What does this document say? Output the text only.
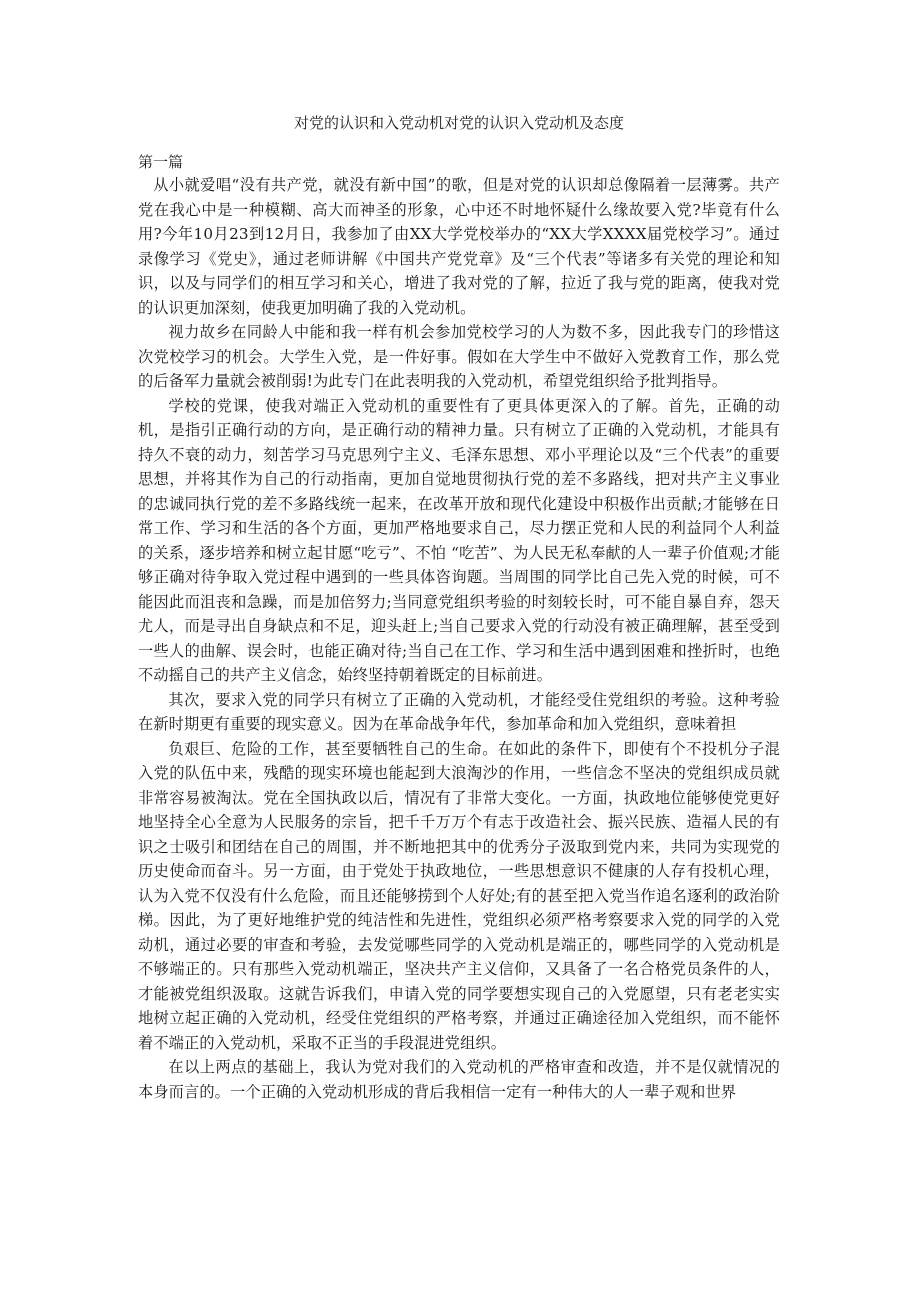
对党的认识和入党动机对党的认识入党动机及态度

第一篇

从小就爱唱“没有共产党，就没有新中国”的歌，但是对党的认识却总像隔着一层薄雾。共产党在我心中是一种模糊、高大而神圣的形象，心中还不时地怀疑什么缘故要入党?毕竟有什么用?今年10月23到12月日，我参加了由XX大学党校举办的“XX大学XXXX届党校学习”。通过录像学习《党史》，通过老师讲解《中国共产党党章》及“三个代表”等诸多有关党的理论和知识，以及与同学们的相互学习和关心，增进了我对党的了解，拉近了我与党的距离，使我对党的认识更加深刻，使我更加明确了我的入党动机。

视力故乡在同龄人中能和我一样有机会参加党校学习的人为数不多，因此我专门的珍惜这次党校学习的机会。大学生入党，是一件好事。假如在大学生中不做好入党教育工作，那么党的后备军力量就会被削弱!为此专门在此表明我的入党动机，希望党组织给予批判指导。

学校的党课，使我对端正入党动机的重要性有了更具体更深入的了解。首先，正确的动机，是指引正确行动的方向，是正确行动的精神力量。只有树立了正确的入党动机，才能具有持久不衰的动力，刻苦学习马克思列宁主义、毛泽东思想、邓小平理论以及“三个代表”的重要思想，并将其作为自己的行动指南，更加自觉地贯彻执行党的差不多路线，把对共产主义事业的忠诚同执行党的差不多路线统一起来，在改革开放和现代化建设中积极作出贡献;才能够在日常工作、学习和生活的各个方面，更加严格地要求自己，尽力摆正党和人民的利益同个人利益的关系，逐步培养和树立起甘愿“吃亏”、不怕 “吃苦”、为人民无私奉献的人一辈子价值观;才能够正确对待争取入党过程中遇到的一些具体咨询题。当周围的同学比自己先入党的时候，可不能因此而沮丧和急躁，而是加倍努力;当同意党组织考验的时刻较长时，可不能自暴自弃，怨天尤人，而是寻出自身缺点和不足，迎头赶上;当自己要求入党的行动没有被正确理解，甚至受到一些人的曲解、误会时，也能正确对待;当自己在工作、学习和生活中遇到困难和挫折时，也绝不动摇自己的共产主义信念，始终坚持朝着既定的目标前进。

其次，要求入党的同学只有树立了正确的入党动机，才能经受住党组织的考验。这种考验在新时期更有重要的现实意义。因为在革命战争年代，参加革命和加入党组织，意味着担

负艰巨、危险的工作，甚至要牺牲自己的生命。在如此的条件下，即使有个不投机分子混入党的队伍中来，残酷的现实环境也能起到大浪淘沙的作用，一些信念不坚决的党组织成员就非常容易被淘汰。党在全国执政以后，情况有了非常大变化。一方面，执政地位能够使党更好地坚持全心全意为人民服务的宗旨，把千千万万个有志于改造社会、振兴民族、造福人民的有识之士吸引和团结在自己的周围，并不断地把其中的优秀分子汲取到党内来，共同为实现党的历史使命而奋斗。另一方面，由于党处于执政地位，一些思想意识不健康的人存有投机心理，认为入党不仅没有什么危险，而且还能够捞到个人好处;有的甚至把入党当作追名逐利的政治阶梯。因此，为了更好地维护党的纯洁性和先进性，党组织必须严格考察要求入党的同学的入党动机，通过必要的审查和考验，去发觉哪些同学的入党动机是端正的，哪些同学的入党动机是不够端正的。只有那些入党动机端正，坚决共产主义信仰，又具备了一名合格党员条件的人，才能被党组织汲取。这就告诉我们，申请入党的同学要想实现自己的入党愿望，只有老老实实地树立起正确的入党动机，经受住党组织的严格考察，并通过正确途径加入党组织，而不能怀着不端正的入党动机，采取不正当的手段混进党组织。

在以上两点的基础上，我认为党对我们的入党动机的严格审查和改造，并不是仅就情况的本身而言的。一个正确的入党动机形成的背后我相信一定有一种伟大的人一辈子观和世界
